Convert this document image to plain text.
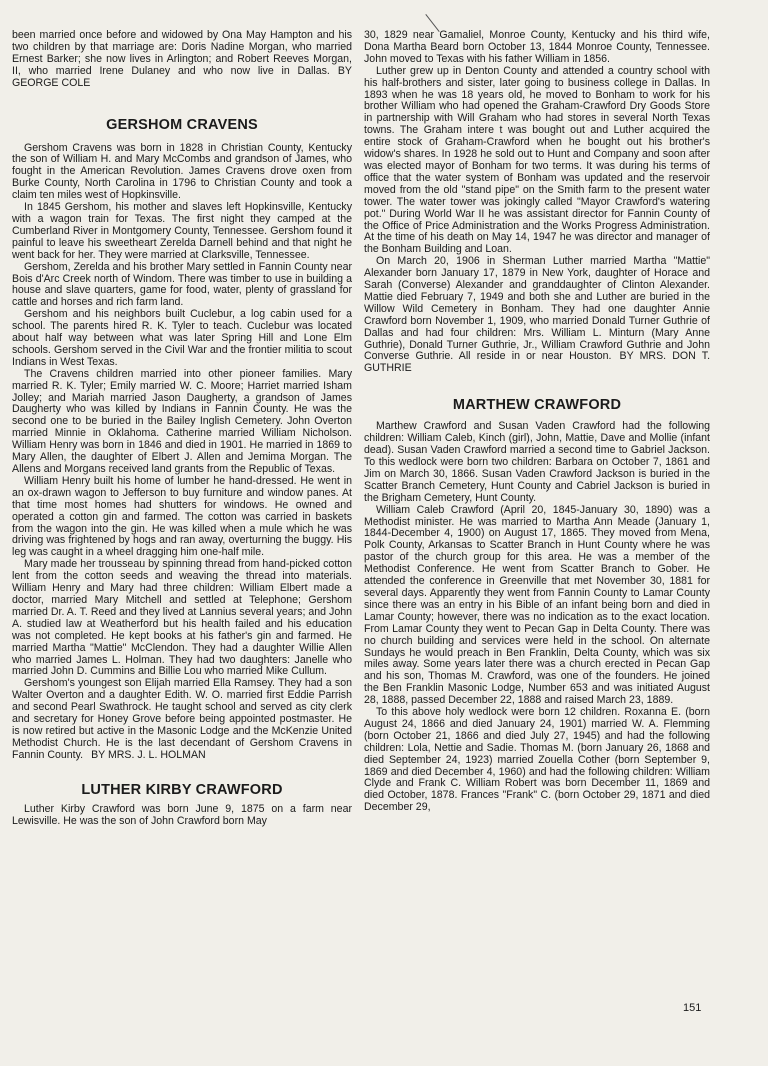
been married once before and widowed by Ona May Hampton and his two children by that marriage are: Doris Nadine Morgan, who married Ernest Barker; she now lives in Arlington; and Robert Reeves Morgan, II, who married Irene Dulaney and who now live in Dallas. BY GEORGE COLE

GERSHOM CRAVENS

Gershom Cravens was born in 1828 in Christian County, Kentucky the son of William H. and Mary McCombs and grandson of James, who fought in the American Revolution. James Cravens drove oxen from Burke County, North Carolina in 1796 to Christian County and took a claim ten miles west of Hopkinsville.

In 1845 Gershom, his mother and slaves left Hopkinsville, Kentucky with a wagon train for Texas. The first night they camped at the Cumberland River in Montgomery County, Tennessee. Gershom found it painful to leave his sweetheart Zerelda Darnell behind and that night he went back for her. They were married at Clarksville, Tennessee.

Gershom, Zerelda and his brother Mary settled in Fannin County near Bois d'Arc Creek north of Windom. There was timber to use in building a house and slave quarters, game for food, water, plenty of grassland for cattle and horses and rich farm land.

Gershom and his neighbors built Cuclebur, a log cabin used for a school. The parents hired R. K. Tyler to teach. Cuclebur was located about half way between what was later Spring Hill and Lone Elm schools. Gershom served in the Civil War and the frontier militia to scout Indians in West Texas.

The Cravens children married into other pioneer families. Mary married R. K. Tyler; Emily married W. C. Moore; Harriet married Isham Jolley; and Mariah married Jason Daugherty, a grandson of James Daugherty who was killed by Indians in Fannin County. He was the second one to be buried in the Bailey Inglish Cemetery. John Overton married Minnie in Oklahoma. Catherine married William Nicholson. William Henry was born in 1846 and died in 1901. He married in 1869 to Mary Allen, the daughter of Elbert J. Allen and Jemima Morgan. The Allens and Morgans received land grants from the Republic of Texas.

William Henry built his home of lumber he hand-dressed. He went in an ox-drawn wagon to Jefferson to buy furniture and window panes. At that time most homes had shutters for windows. He owned and operated a cotton gin and farmed. The cotton was carried in baskets from the wagon into the gin. He was killed when a mule which he was driving was frightened by hogs and ran away, overturning the buggy. His leg was caught in a wheel dragging him one-half mile.

Mary made her trousseau by spinning thread from hand-picked cotton lent from the cotton seeds and weaving the thread into materials. William Henry and Mary had three children: William Elbert made a doctor, married Mary Mitchell and settled at Telephone; Gershom married Dr. A. T. Reed and they lived at Lannius several years; and John A. studied law at Weatherford but his health failed and his education was not completed. He kept books at his father's gin and farmed. He married Martha "Mattie" McClendon. They had a daughter Willie Allen who married James L. Holman. They had two daughters: Janelle who married John D. Cummins and Billie Lou who married Mike Cullum.

Gershom's youngest son Elijah married Ella Ramsey. They had a son Walter Overton and a daughter Edith. W. O. married first Eddie Parrish and second Pearl Swathrock. He taught school and served as city clerk and secretary for Honey Grove before being appointed postmaster. He is now retired but active in the Masonic Lodge and the McKenzie United Methodist Church. He is the last decendant of Gershom Cravens in Fannin County. BY MRS. J. L. HOLMAN

LUTHER KIRBY CRAWFORD

Luther Kirby Crawford was born June 9, 1875 on a farm near Lewisville. He was the son of John Crawford born May

30, 1829 near Gamaliel, Monroe County, Kentucky and his third wife, Dona Martha Beard born October 13, 1844 Monroe County, Tennessee. John moved to Texas with his father William in 1856.

Luther grew up in Denton County and attended a country school with his half-brothers and sister, later going to business college in Dallas. In 1893 when he was 18 years old, he moved to Bonham to work for his brother William who had opened the Graham-Crawford Dry Goods Store in partnership with Will Graham who had stores in several North Texas towns. The Graham intere t was bought out and Luther acquired the entire stock of Graham-Crawford when he bought out his brother's widow's shares. In 1928 he sold out to Hunt and Company and soon after was elected mayor of Bonham for two terms. It was during his terms of office that the water system of Bonham was updated and the reservoir moved from the old "stand pipe" on the Smith farm to the present water tower. The water tower was jokingly called "Mayor Crawford's watering pot." During World War II he was assistant director for Fannin County of the Office of Price Administration and the Works Progress Administration. At the time of his death on May 14, 1947 he was director and manager of the Bonham Building and Loan.

On March 20, 1906 in Sherman Luther married Martha "Mattie" Alexander born January 17, 1879 in New York, daughter of Horace and Sarah (Converse) Alexander and granddaughter of Clinton Alexander. Mattie died February 7, 1949 and both she and Luther are buried in the Willow Wild Cemetery in Bonham. They had one daughter Annie Crawford born November 1, 1909, who married Donald Turner Guthrie of Dallas and had four children: Mrs. William L. Minturn (Mary Anne Guthrie), Donald Turner Guthrie, Jr., William Crawford Guthrie and John Converse Guthrie. All reside in or near Houston. BY MRS. DON T. GUTHRIE

MARTHEW CRAWFORD

Marthew Crawford and Susan Vaden Crawford had the following children: William Caleb, Kinch (girl), John, Mattie, Dave and Mollie (infant dead). Susan Vaden Crawford married a second time to Gabriel Jackson. To this wedlock were born two children: Barbara on October 7, 1861 and Jim on March 30, 1866. Susan Vaden Crawford Jackson is buried in the Scatter Branch Cemetery, Hunt County and Cabriel Jackson is buried in the Brigham Cemetery, Hunt County.

William Caleb Crawford (April 20, 1845-January 30, 1890) was a Methodist minister. He was married to Martha Ann Meade (January 1, 1844-December 4, 1900) on August 17, 1865. They moved from Mena, Polk County, Arkansas to Scatter Branch in Hunt County where he was pastor of the church group for this area. He was a member of the Methodist Conference. He went from Scatter Branch to Gober. He attended the conference in Greenville that met November 30, 1881 for several days. Apparently they went from Fannin County to Lamar County since there was an entry in his Bible of an infant being born and died in Lamar County; however, there was no indication as to the exact location. From Lamar County they went to Pecan Gap in Delta County. There was no church building and services were held in the school. On alternate Sundays he would preach in Ben Franklin, Delta County, which was six miles away. Some years later there was a church erected in Pecan Gap and his son, Thomas M. Crawford, was one of the founders. He joined the Ben Franklin Masonic Lodge, Number 653 and was initiated August 28, 1888, passed December 22, 1888 and raised March 23, 1889.

To this above holy wedlock were born 12 children. Roxanna E. (born August 24, 1866 and died January 24, 1901) married W. A. Flemming (born October 21, 1866 and died July 27, 1945) and had the following children: Lola, Nettie and Sadie. Thomas M. (born January 26, 1868 and died September 24, 1923) married Zouella Cother (born September 9, 1869 and died December 4, 1960) and had the following children: William Clyde and Frank C. William Robert was born December 11, 1869 and died October, 1878. Frances "Frank" C. (born October 29, 1871 and died December 29,

151
